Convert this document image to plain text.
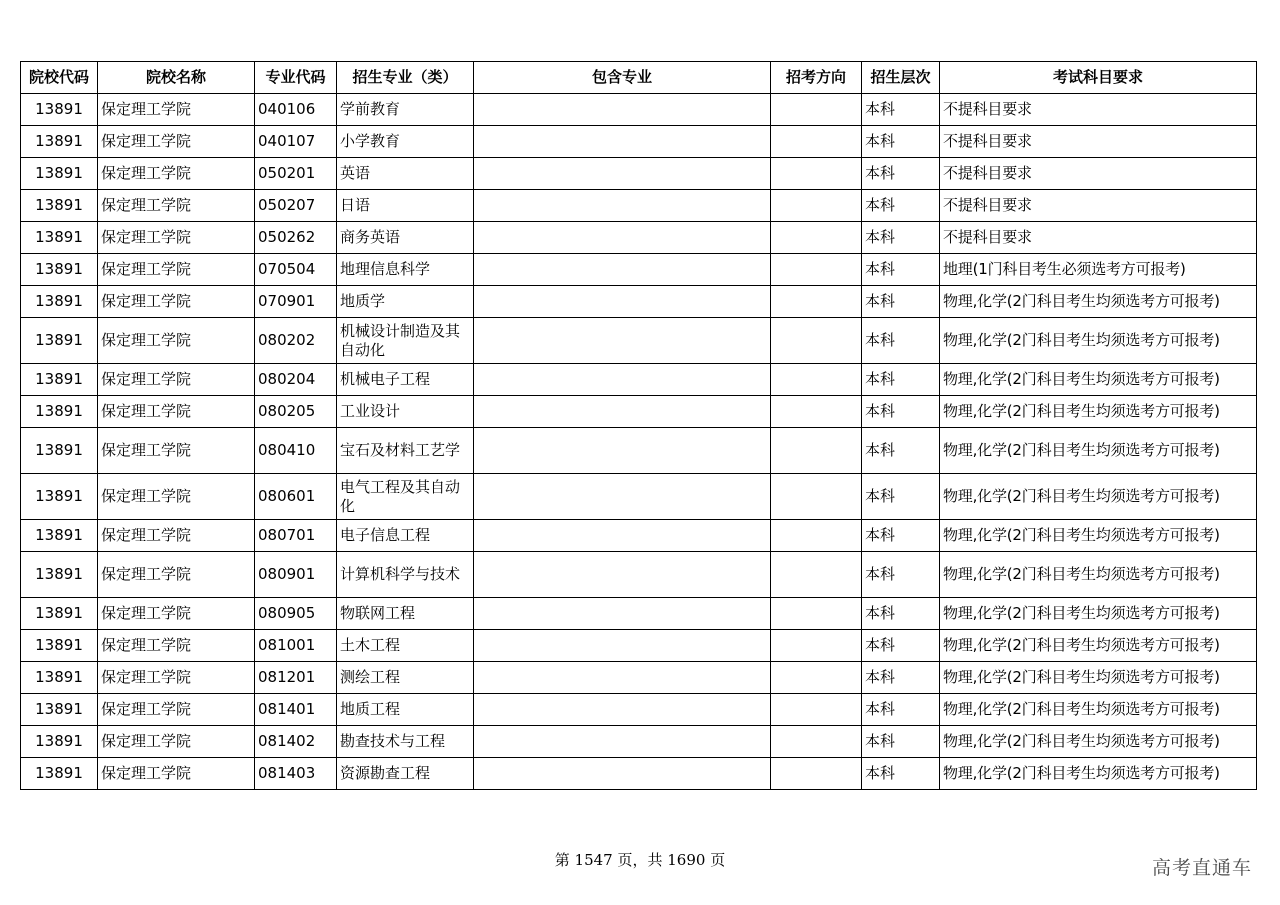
院校代码	院校名称	专业代码	招生专业（类）	包含专业	招考方向	招生层次	考试科目要求
13891	保定理工学院	040106	学前教育			本科	不提科目要求
13891	保定理工学院	040107	小学教育			本科	不提科目要求
13891	保定理工学院	050201	英语			本科	不提科目要求
13891	保定理工学院	050207	日语			本科	不提科目要求
13891	保定理工学院	050262	商务英语			本科	不提科目要求
13891	保定理工学院	070504	地理信息科学			本科	地理(1门科目考生必须选考方可报考)
13891	保定理工学院	070901	地质学			本科	物理,化学(2门科目考生均须选考方可报考)
13891	保定理工学院	080202	机械设计制造及其自动化			本科	物理,化学(2门科目考生均须选考方可报考)
13891	保定理工学院	080204	机械电子工程			本科	物理,化学(2门科目考生均须选考方可报考)
13891	保定理工学院	080205	工业设计			本科	物理,化学(2门科目考生均须选考方可报考)
13891	保定理工学院	080410	宝石及材料工艺学			本科	物理,化学(2门科目考生均须选考方可报考)
13891	保定理工学院	080601	电气工程及其自动化			本科	物理,化学(2门科目考生均须选考方可报考)
13891	保定理工学院	080701	电子信息工程			本科	物理,化学(2门科目考生均须选考方可报考)
13891	保定理工学院	080901	计算机科学与技术			本科	物理,化学(2门科目考生均须选考方可报考)
13891	保定理工学院	080905	物联网工程			本科	物理,化学(2门科目考生均须选考方可报考)
13891	保定理工学院	081001	土木工程			本科	物理,化学(2门科目考生均须选考方可报考)
13891	保定理工学院	081201	测绘工程			本科	物理,化学(2门科目考生均须选考方可报考)
13891	保定理工学院	081401	地质工程			本科	物理,化学(2门科目考生均须选考方可报考)
13891	保定理工学院	081402	勘查技术与工程			本科	物理,化学(2门科目考生均须选考方可报考)
13891	保定理工学院	081403	资源勘查工程			本科	物理,化学(2门科目考生均须选考方可报考)
第 1547 页，共 1690 页	高考直通车
